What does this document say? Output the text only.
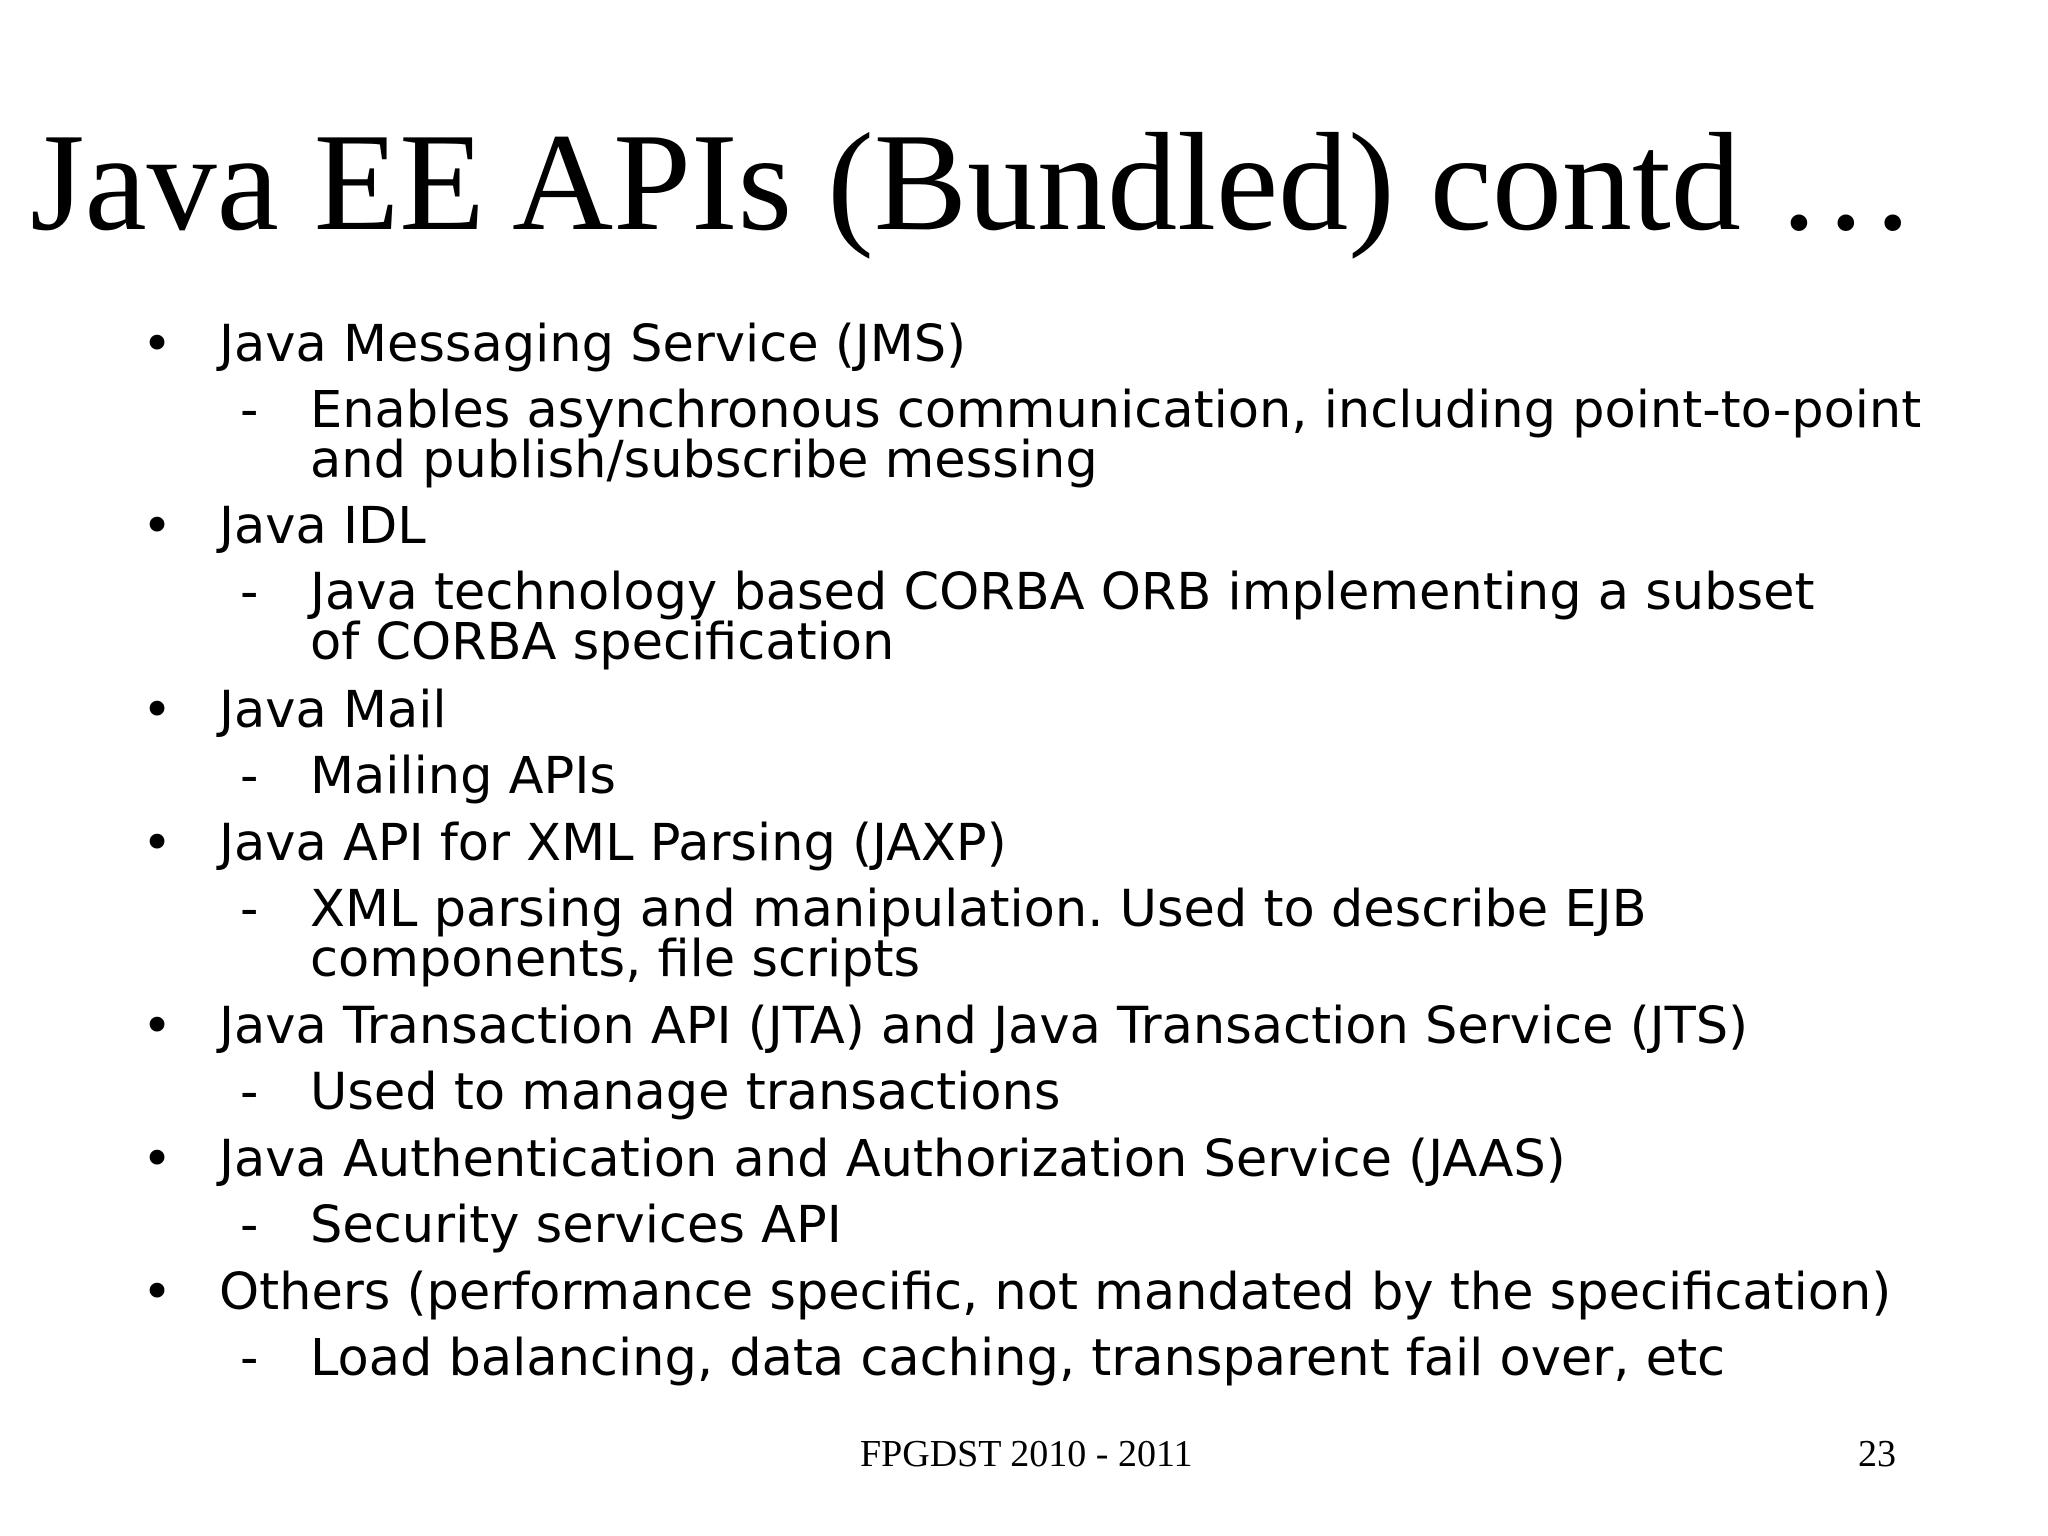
Java EE APIs (Bundled) contd …
• Java Messaging Service (JMS)
- Enables asynchronous communication, including point-to-point
and publish/subscribe messing
• Java IDL
- Java technology based CORBA ORB implementing a subset
of CORBA specification
• Java Mail
- Mailing APIs
• Java API for XML Parsing (JAXP)
- XML parsing and manipulation. Used to describe EJB
components, file scripts
• Java Transaction API (JTA) and Java Transaction Service (JTS)
- Used to manage transactions
• Java Authentication and Authorization Service (JAAS)
- Security services API
• Others (performance specific, not mandated by the specification)
- Load balancing, data caching, transparent fail over, etc
FPGDST 2010 - 2011	23
